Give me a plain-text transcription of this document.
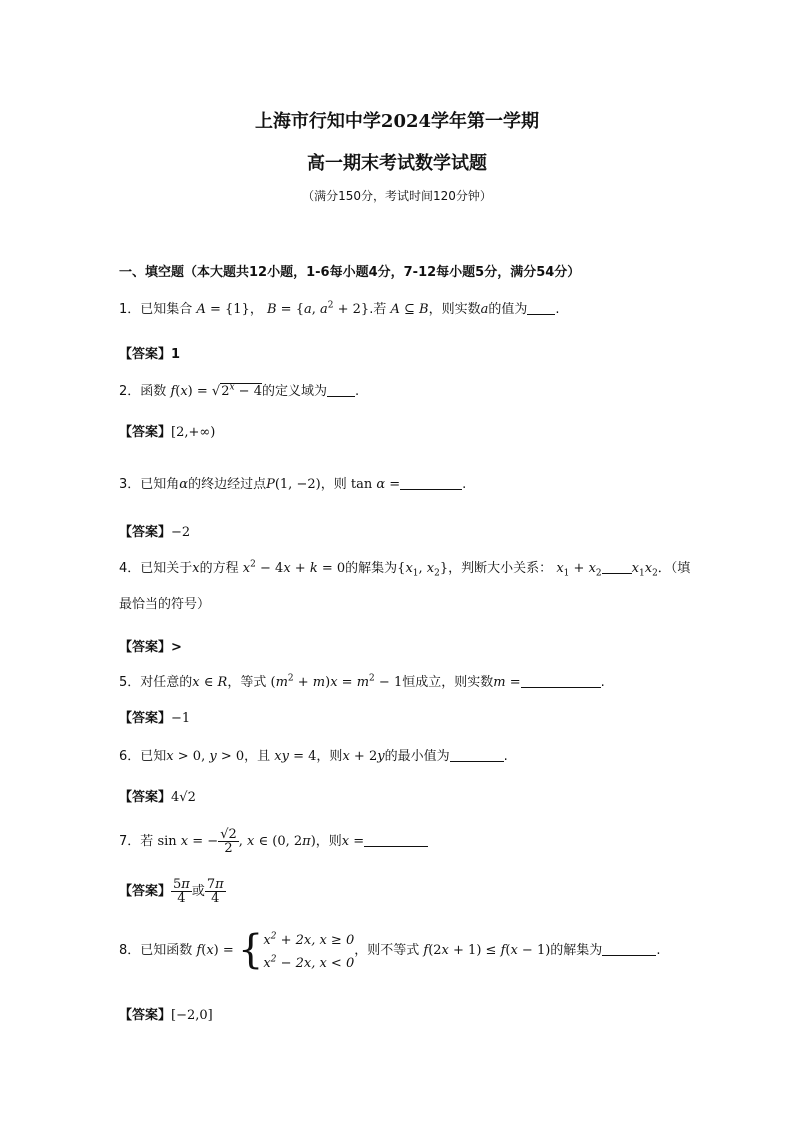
上海市行知中学2024学年第一学期
高一期末考试数学试题
（满分150分，考试时间120分钟）
一、填空题（本大题共12小题，1-6每小题4分，7-12每小题5分，满分54分）
1．已知集合 A = {1}， B = {a, $a^2 + 2$}.若 A ⊆ B，则实数a的值为 .
【答案】1
2．函数 $f(x) = √2^x - 4$的定义域为 .
【答案】[2,+∞)
3．已知角α的终边经过点P(1, −2)，则 tan α =	.
【答案】−2
4．已知关于x的方程 $x^2 - 4x + k = 0$的解集为{$x_1$, $x_2$}，判断大小关系： $x_1 + x_2$ $x_1x_2$．（填
最恰当的符号）
【答案】>
5．对任意的x ∈ R，等式 $(m^2 + m)x = m^2 - 1$恒成立，则实数m =	.
【答案】−1
6．已知x > 0, y > 0，且 xy = 4，则x + 2y的最小值为	.
【答案】4√2
7．若 sin x = − $\frac{√2}{2}$ , x ∈ (0, 2π)，则x =
【答案】 $\frac{5\pi}{4}$ 或 $\frac{7\pi}{4}$
8．已知函数 $f(x) = \{x^2 + 2x$, x ≥ 0
$x^2 - 2x$, x < 0，则不等式 f(2x + 1) ≤ f(x − 1)的解集为	.
【答案】[−2,0]
